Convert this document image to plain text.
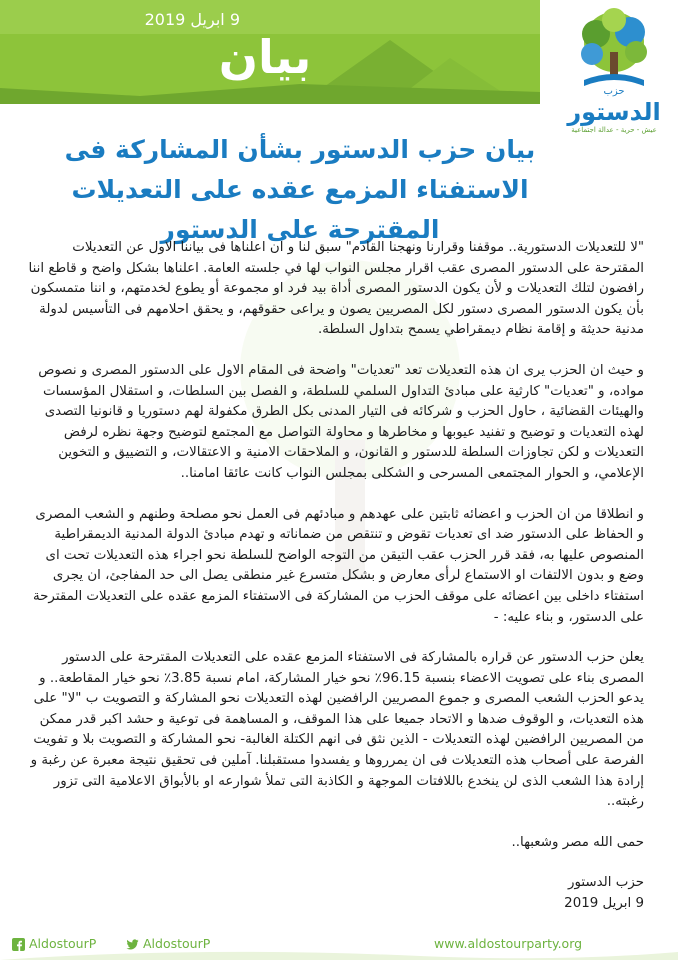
9 ابريل 2019
بيان
حزب
الدستور
عيش - حرية - عدالة اجتماعية
بيان حزب الدستور بشأن المشاركة فى الاستفتاء المزمع عقده على التعديلات المقترحة على الدستور

"لا للتعديلات الدستورية.. موقفنا وقرارنا ونهجنا القادم" سبق لنا و ان اعلناها فى بياننا الاول عن التعديلات المقترحة على الدستور المصرى عقب اقرار مجلس النواب لها في جلسته العامة. اعلناها بشكل واضح و قاطع اننا رافضون لتلك التعديلات و لأن يكون الدستور المصرى أداة بيد فرد او مجموعة أو يطوع لخدمتهم، و اننا متمسكون بأن يكون الدستور المصرى دستور لكل المصريين يصون و يراعى حقوقهم، و يحقق احلامهم فى التأسيس لدولة مدنية حديثة و إقامة نظام ديمقراطي يسمح بتداول السلطة.

و حيث ان الحزب يرى ان هذه التعديلات تعد "تعديات" واضحة فى المقام الاول على الدستور المصرى و نصوص مواده، و "تعديات" كارثية على مبادئ التداول السلمي للسلطة، و الفصل بين السلطات، و استقلال المؤسسات والهيئات القضائية ، حاول الحزب و شركائه فى التيار المدنى بكل الطرق مكفولة لهم دستوريا و قانونيا التصدى لهذه التعديات و توضيح و تفنيد عيوبها و مخاطرها و محاولة التواصل مع المجتمع لتوضيح وجهة نظره لرفض التعديلات و لكن تجاوزات السلطة للدستور و القانون، و الملاحقات الامنية و الاعتقالات، و التضييق و التخوين الإعلامي، و الحوار المجتمعى المسرحى و الشكلى بمجلس النواب كانت عائقا امامنا..

و انطلاقا من ان الحزب و اعضائه ثابتين على عهدهم و مبادئهم فى العمل نحو مصلحة وطنهم و الشعب المصرى و الحفاظ على الدستور ضد اى تعديات تقوض و تنتقص من ضماناته و تهدم مبادئ الدولة المدنية الديمقراطية المنصوص عليها به، فقد قرر الحزب عقب التيقن من التوجه الواضح للسلطة نحو اجراء هذه التعديلات تحت اى وضع و بدون الالتفات او الاستماع لرأى معارض و بشكل متسرع غير منطقى يصل الى حد المفاجئ، ان يجرى استفتاء داخلى بين اعضائه على موقف الحزب من المشاركة فى الاستفتاء المزمع عقده على التعديلات المقترحة على الدستور، و بناء عليه: -

يعلن حزب الدستور عن قراره بالمشاركة فى الاستفتاء المزمع عقده على التعديلات المقترحة على الدستور المصرى بناء على تصويت الاعضاء بنسبة 96.15٪ نحو خيار المشاركة، امام نسبة 3.85٪ نحو خيار المقاطعة.. و يدعو الحزب الشعب المصرى و جموع المصريين الرافضين لهذه التعديلات نحو المشاركة و التصويت ب "لا" على هذه التعديات، و الوقوف ضدها و الاتحاد جميعا على هذا الموقف، و المساهمة فى توعية و حشد اكبر قدر ممكن من المصريين الرافضين لهذه التعديلات - الذين نثق فى انهم الكتلة الغالبة- نحو المشاركة و التصويت بلا و تفويت الفرصة على أصحاب هذه التعديلات فى ان يمرروها و يفسدوا مستقبلنا. آملين فى تحقيق نتيجة معبرة عن رغبة و إرادة هذا الشعب الذى لن ينخدع باللافتات الموجهة و الكاذبة التى تملأ شوارعه او بالأبواق الاعلامية التى تزور رغبته..

حمى الله مصر وشعبها..

حزب الدستور
9 ابريل 2019
AldostourP	AldostourP	www.aldostourparty.org
